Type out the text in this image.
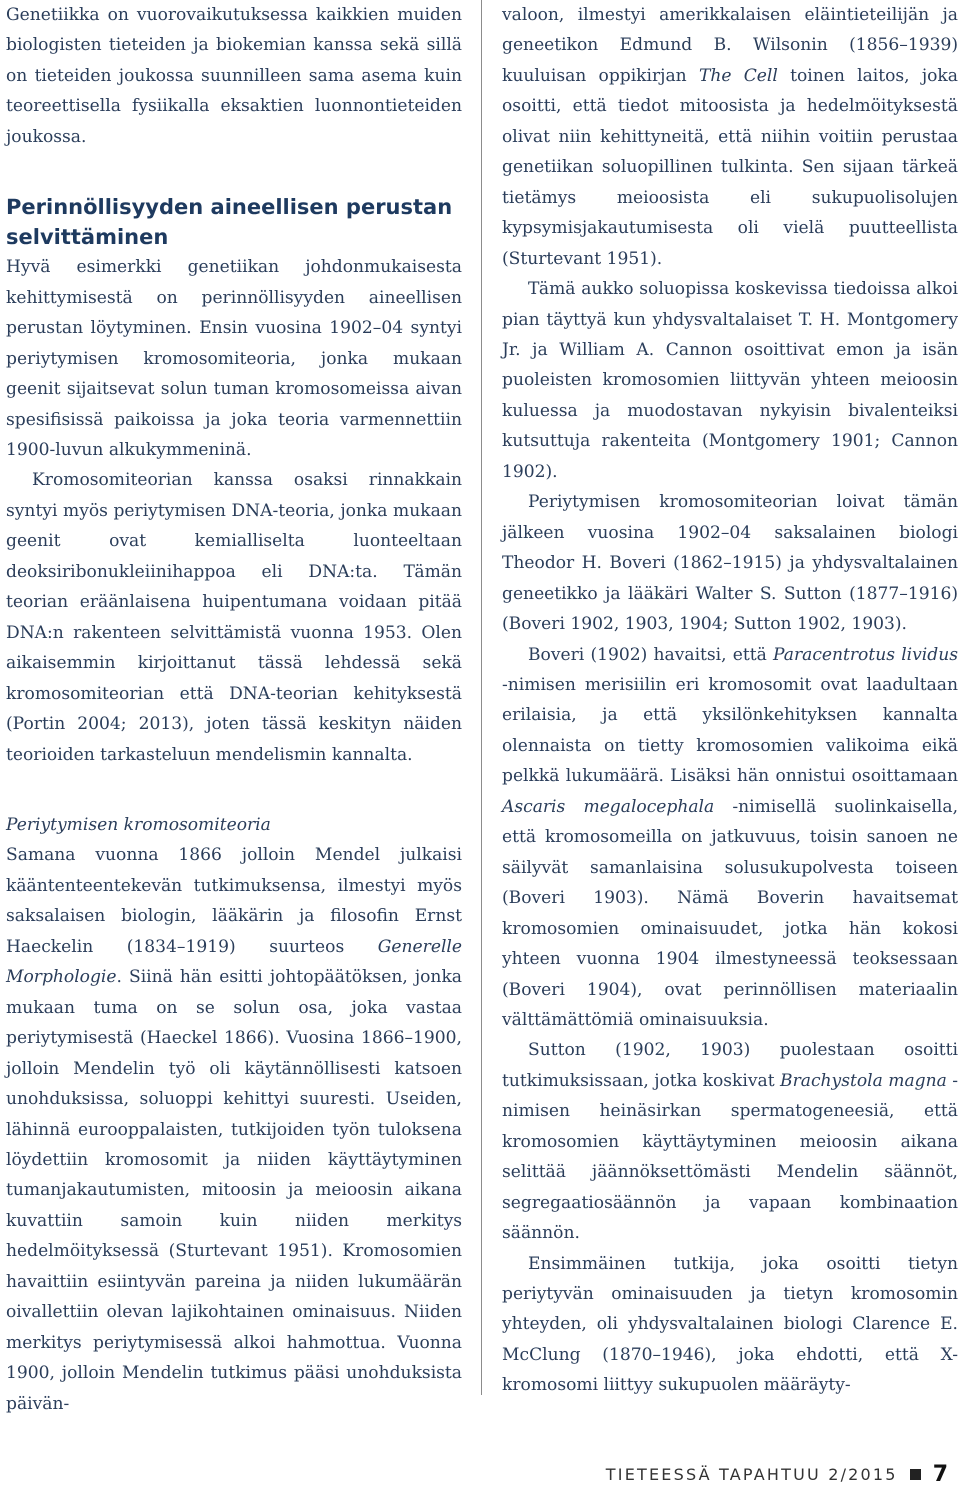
Genetiikka on vuorovaikutuksessa kaikkien muiden biologisten tieteiden ja biokemian kanssa sekä sillä on tieteiden joukossa suunnilleen sama asema kuin teoreettisella fysiikalla eksaktien luonnontieteiden joukossa.

Perinnöllisyyden aineellisen perustan selvittäminen

Hyvä esimerkki genetiikan johdonmukaisesta kehittymisestä on perinnöllisyyden aineellisen perustan löytyminen. Ensin vuosina 1902–04 syntyi periytymisen kromosomiteoria, jonka mukaan geenit sijaitsevat solun tuman kromosomeissa aivan spesifisissä paikoissa ja joka teoria varmennettiin 1900-luvun alkukymmeninä.

Kromosomiteorian kanssa osaksi rinnakkain syntyi myös periytymisen DNA-teoria, jonka mukaan geenit ovat kemialliselta luonteeltaan deoksiribonukleiinihappoa eli DNA:ta. Tämän teorian eräänlaisena huipentumana voidaan pitää DNA:n rakenteen selvittämistä vuonna 1953. Olen aikaisemmin kirjoittanut tässä lehdessä sekä kromosomiteorian että DNA-teorian kehityksestä (Portin 2004; 2013), joten tässä keskityn näiden teorioiden tarkasteluun mendelismin kannalta.

Periytymisen kromosomiteoria

Samana vuonna 1866 jolloin Mendel julkaisi kääntenteentekevän tutkimuksensa, ilmestyi myös saksalaisen biologin, lääkärin ja filosofin Ernst Haeckelin (1834–1919) suurteos Generelle Morphologie. Siinä hän esitti johtopäätöksen, jonka mukaan tuma on se solun osa, joka vastaa periytymisestä (Haeckel 1866). Vuosina 1866–1900, jolloin Mendelin työ oli käytännöllisesti katsoen unohduksissa, soluoppi kehittyi suuresti. Useiden, lähinnä eurooppalaisten, tutkijoiden työn tuloksena löydettiin kromosomit ja niiden käyttäytyminen tumanjakautumisten, mitoosin ja meioosin aikana kuvattiin samoin kuin niiden merkitys hedelmöityksessä (Sturtevant 1951). Kromosomien havaittiin esiintyvän pareina ja niiden lukumäärän oivallettiin olevan lajikohtainen ominaisuus. Niiden merkitys periytymisessä alkoi hahmottua. Vuonna 1900, jolloin Mendelin tutkimus pääsi unohduksista päivän-

valoon, ilmestyi amerikkalaisen eläintieteilijän ja geneetikon Edmund B. Wilsonin (1856–1939) kuuluisan oppikirjan The Cell toinen laitos, joka osoitti, että tiedot mitoosista ja hedelmöityksestä olivat niin kehittyneitä, että niihin voitiin perustaa genetiikan soluopillinen tulkinta. Sen sijaan tärkeä tietämys meioosista eli sukupuolisolujen kypsymisjakautumisesta oli vielä puutteellista (Sturtevant 1951).

Tämä aukko soluopissa koskevissa tiedoissa alkoi pian täyttyä kun yhdysvaltalaiset T. H. Montgomery Jr. ja William A. Cannon osoittivat emon ja isän puoleisten kromosomien liittyvän yhteen meioosin kuluessa ja muodostavan nykyisin bivalenteiksi kutsuttuja rakenteita (Montgomery 1901; Cannon 1902).

Periytymisen kromosomiteorian loivat tämän jälkeen vuosina 1902–04 saksalainen biologi Theodor H. Boveri (1862–1915) ja yhdysvaltalainen geneetikko ja lääkäri Walter S. Sutton (1877–1916) (Boveri 1902, 1903, 1904; Sutton 1902, 1903).

Boveri (1902) havaitsi, että Paracentrotus lividus -nimisen merisiilin eri kromosomit ovat laadultaan erilaisia, ja että yksilönkehityksen kannalta olennaista on tietty kromosomien valikoima eikä pelkkä lukumäärä. Lisäksi hän onnistui osoittamaan Ascaris megalocephala -nimisellä suolinkaisella, että kromosomeilla on jatkuvuus, toisin sanoen ne säilyvät samanlaisina solusukupolvesta toiseen (Boveri 1903). Nämä Boverin havaitsemat kromosomien ominaisuudet, jotka hän kokosi yhteen vuonna 1904 ilmestyneessä teoksessaan (Boveri 1904), ovat perinnöllisen materiaalin välttämättömiä ominaisuuksia.

Sutton (1902, 1903) puolestaan osoitti tutkimuksissaan, jotka koskivat Brachystola magna -nimisen heinäsirkan spermatogeneesiä, että kromosomien käyttäytyminen meioosin aikana selittää jäännöksettömästi Mendelin säännöt, segregaatiosäännön ja vapaan kombinaation säännön.

Ensimmäinen tutkija, joka osoitti tietyn periytyvän ominaisuuden ja tietyn kromosomin yhteyden, oli yhdysvaltalainen biologi Clarence E. McClung (1870–1946), joka ehdotti, että X-kromosomi liittyy sukupuolen määräyty-

TIETEESSÄ TAPAHTUU 2/2015 7
